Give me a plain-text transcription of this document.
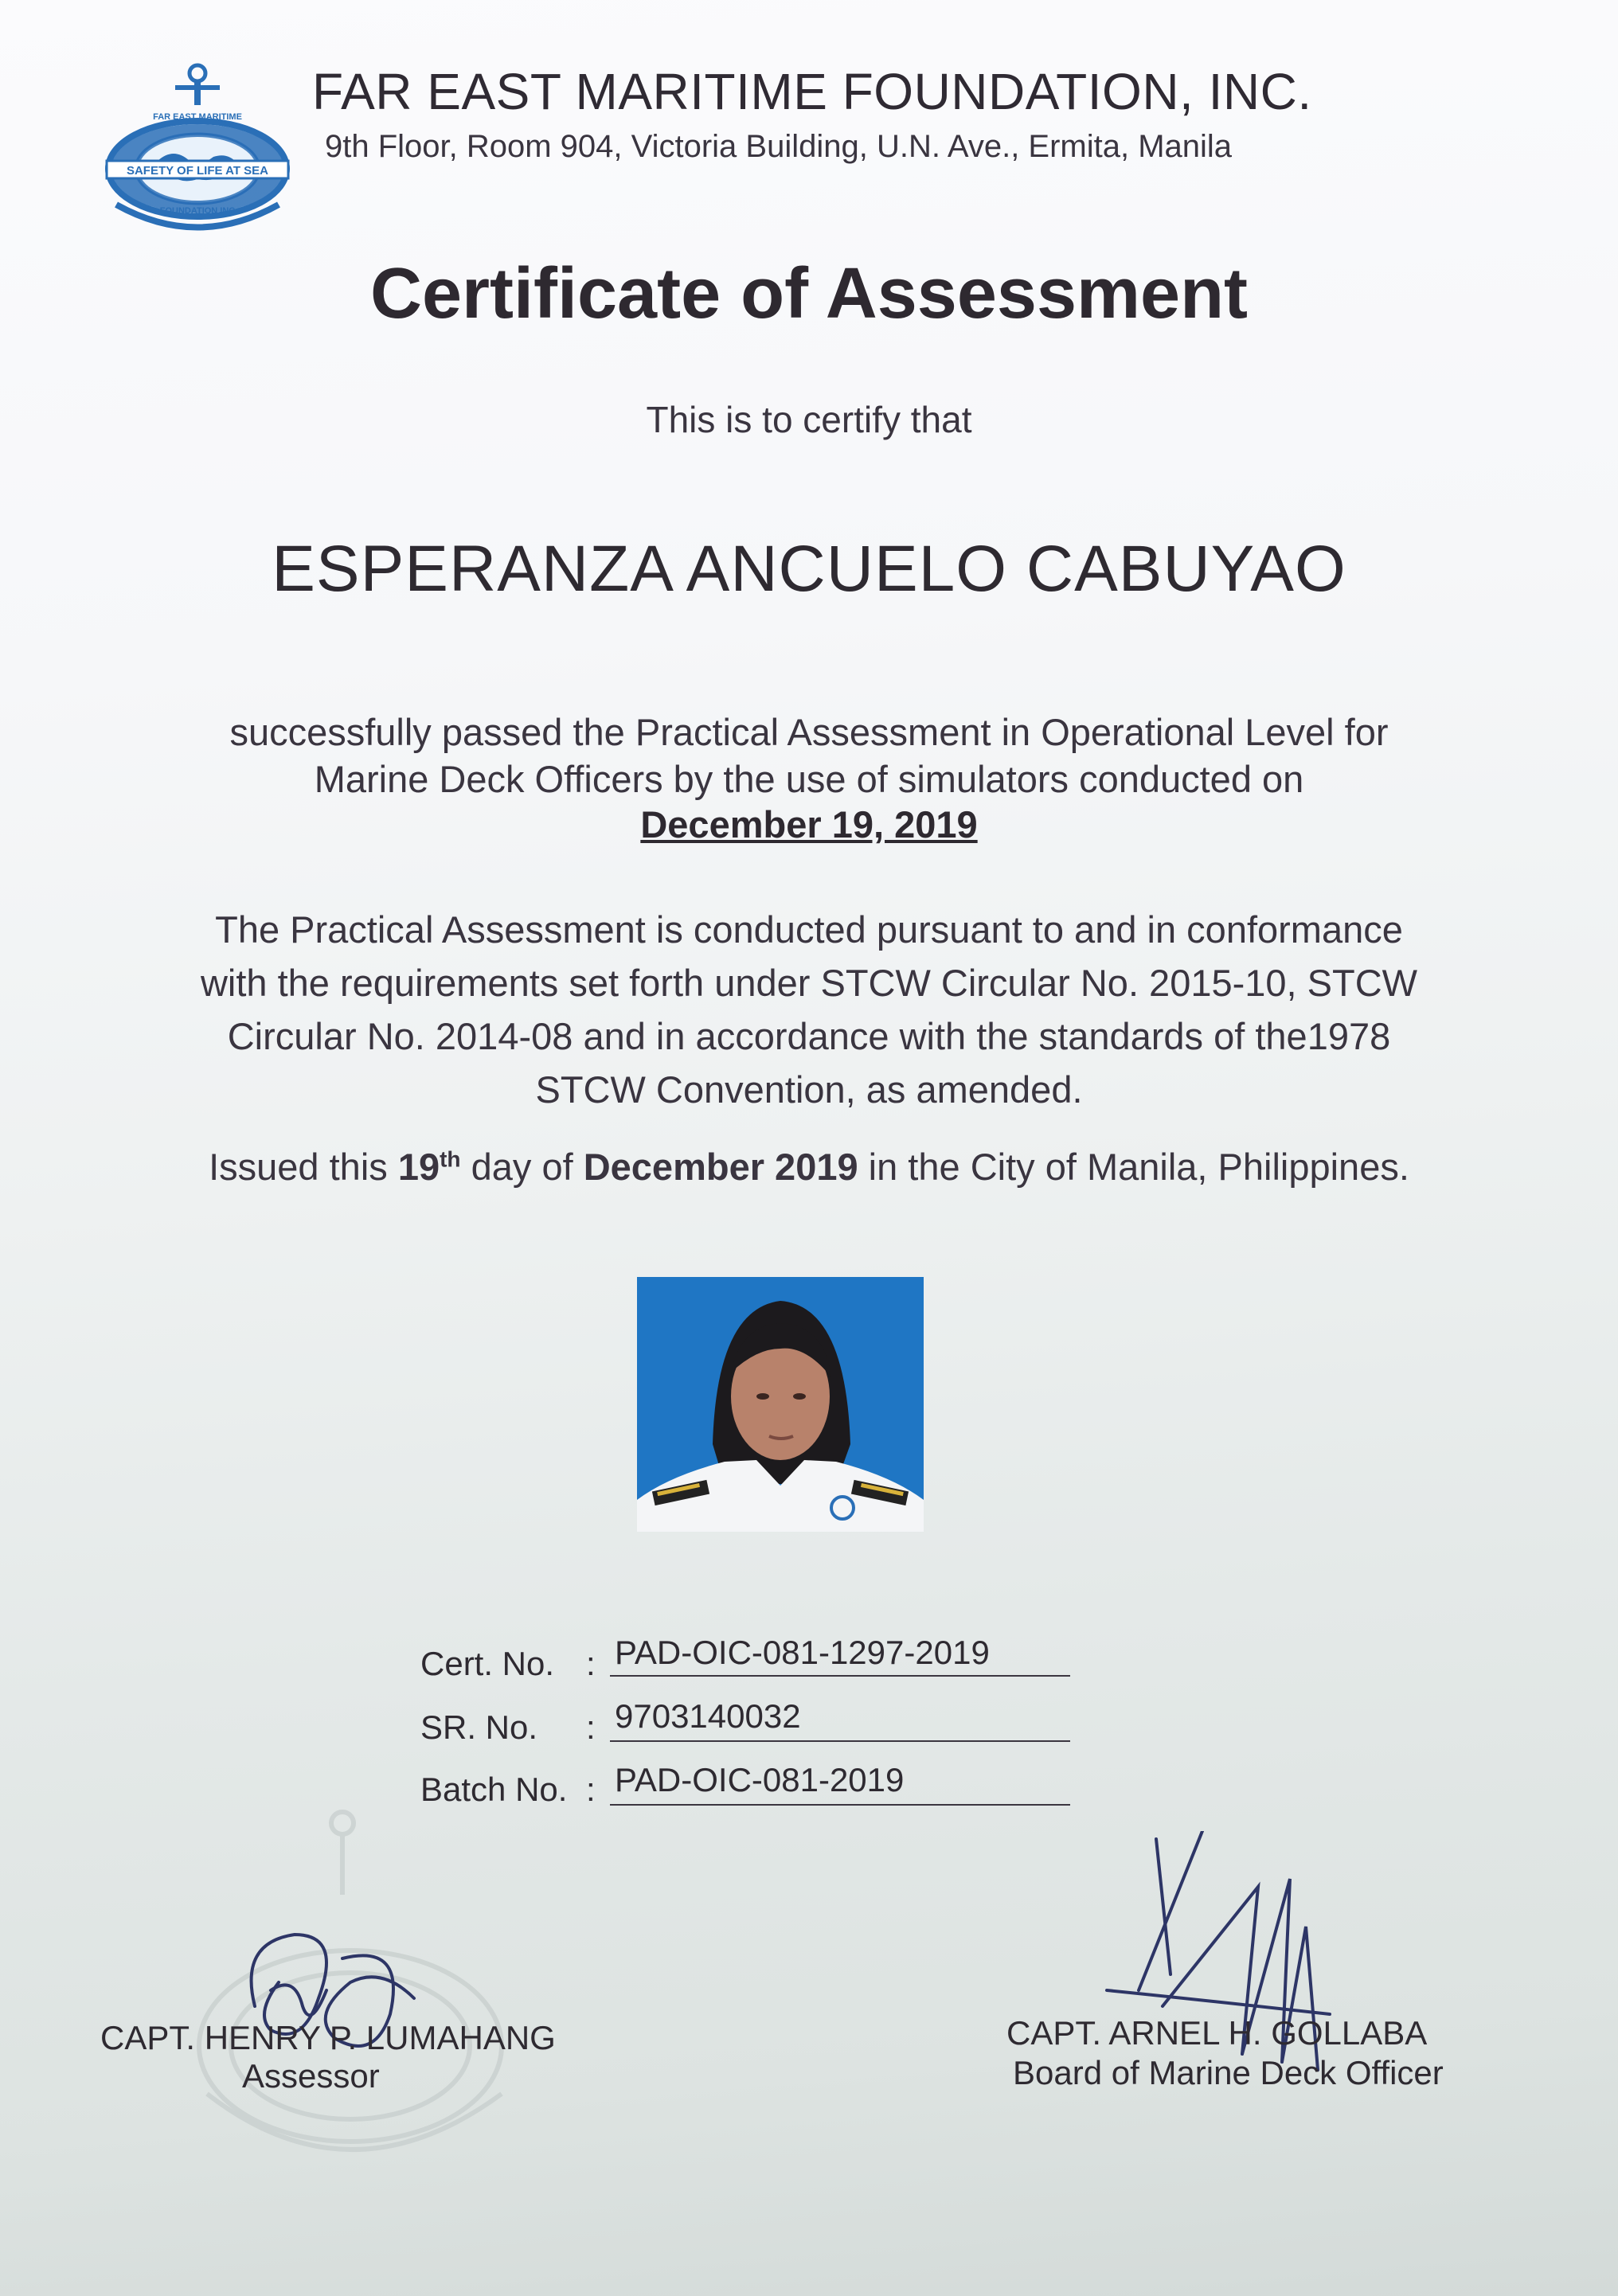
SAFETY OF LIFE AT SEA
FAR EAST MARITIME
FOUNDATION INC
FAR EAST MARITIME FOUNDATION, INC.
9th Floor, Room 904, Victoria Building, U.N. Ave., Ermita, Manila
Certificate of Assessment
This is to certify that
ESPERANZA ANCUELO CABUYAO
successfully passed the Practical Assessment in Operational Level for
Marine Deck Officers by the use of simulators conducted on
December 19, 2019
The Practical Assessment is conducted pursuant to and in conformance
with the requirements set forth under STCW Circular No. 2015-10, STCW
Circular No. 2014-08 and in accordance with the standards of the1978
STCW Convention, as amended.
Issued this 19th day of December 2019 in the City of Manila, Philippines.
Cert. No. : PAD-OIC-081-1297-2019
SR. No. : 9703140032
Batch No. : PAD-OIC-081-2019
CAPT. HENRY P. LUMAHANG
Assessor
CAPT. ARNEL H. GOLLABA
Board of Marine Deck Officer
